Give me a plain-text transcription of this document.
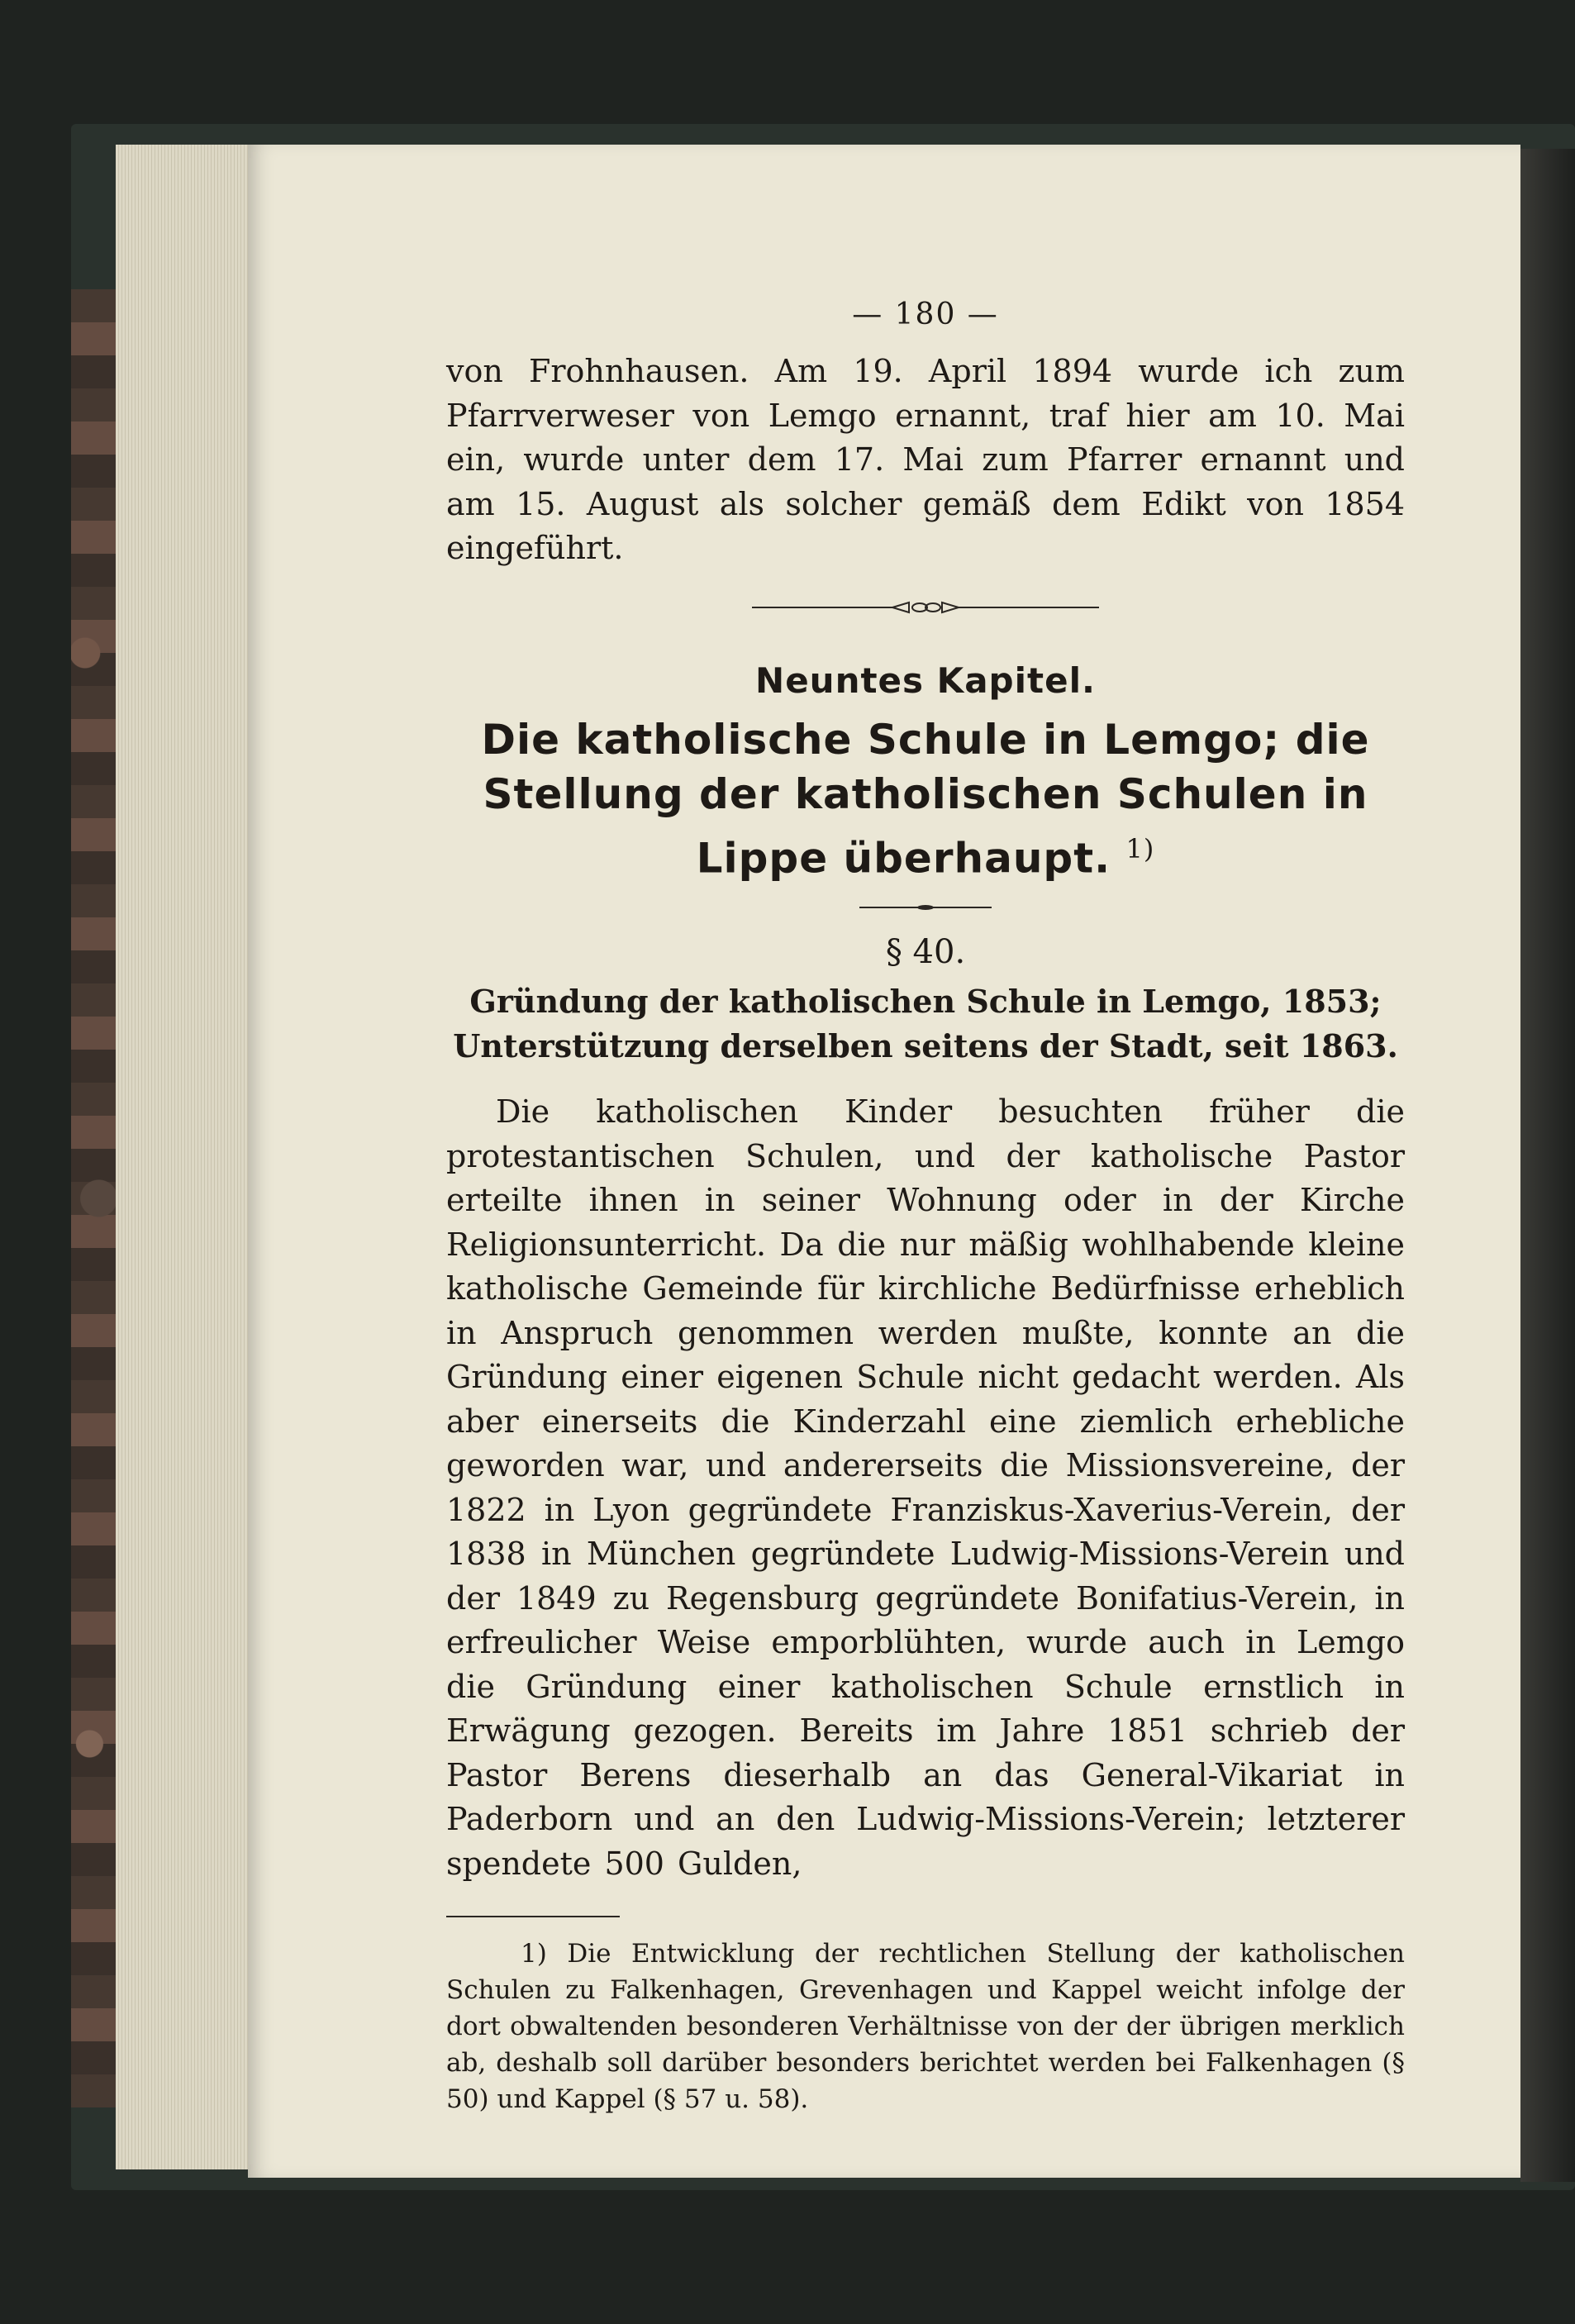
— 180 —

von Frohnhausen. Am 19. April 1894 wurde ich zum Pfarrverweser von Lemgo ernannt, traf hier am 10. Mai ein, wurde unter dem 17. Mai zum Pfarrer ernannt und am 15. August als solcher gemäß dem Edikt von 1854 eingeführt.

Neuntes Kapitel.

Die katholische Schule in Lemgo; die Stellung der katholischen Schulen in Lippe überhaupt. $^{1)}$

§ 40.

Gründung der katholischen Schule in Lemgo, 1853; Unterstützung derselben seitens der Stadt, seit 1863.

Die katholischen Kinder besuchten früher die protestantischen Schulen, und der katholische Pastor erteilte ihnen in seiner Wohnung oder in der Kirche Religionsunterricht. Da die nur mäßig wohlhabende kleine katholische Gemeinde für kirchliche Bedürfnisse erheblich in Anspruch genommen werden mußte, konnte an die Gründung einer eigenen Schule nicht gedacht werden. Als aber einerseits die Kinderzahl eine ziemlich erhebliche geworden war, und andererseits die Missionsvereine, der 1822 in Lyon gegründete Franziskus-Xaverius-Verein, der 1838 in München gegründete Ludwig-Missions-Verein und der 1849 zu Regensburg gegründete Bonifatius-Verein, in erfreulicher Weise emporblühten, wurde auch in Lemgo die Gründung einer katholischen Schule ernstlich in Erwägung gezogen. Bereits im Jahre 1851 schrieb der Pastor Berens dieserhalb an das General-Vikariat in Paderborn und an den Ludwig-Missions-Verein; letzterer spendete 500 Gulden,

1) Die Entwicklung der rechtlichen Stellung der katholischen Schulen zu Falkenhagen, Grevenhagen und Kappel weicht infolge der dort obwaltenden besonderen Verhältnisse von der der übrigen merklich ab, deshalb soll darüber besonders berichtet werden bei Falkenhagen (§ 50) und Kappel (§ 57 u. 58).
